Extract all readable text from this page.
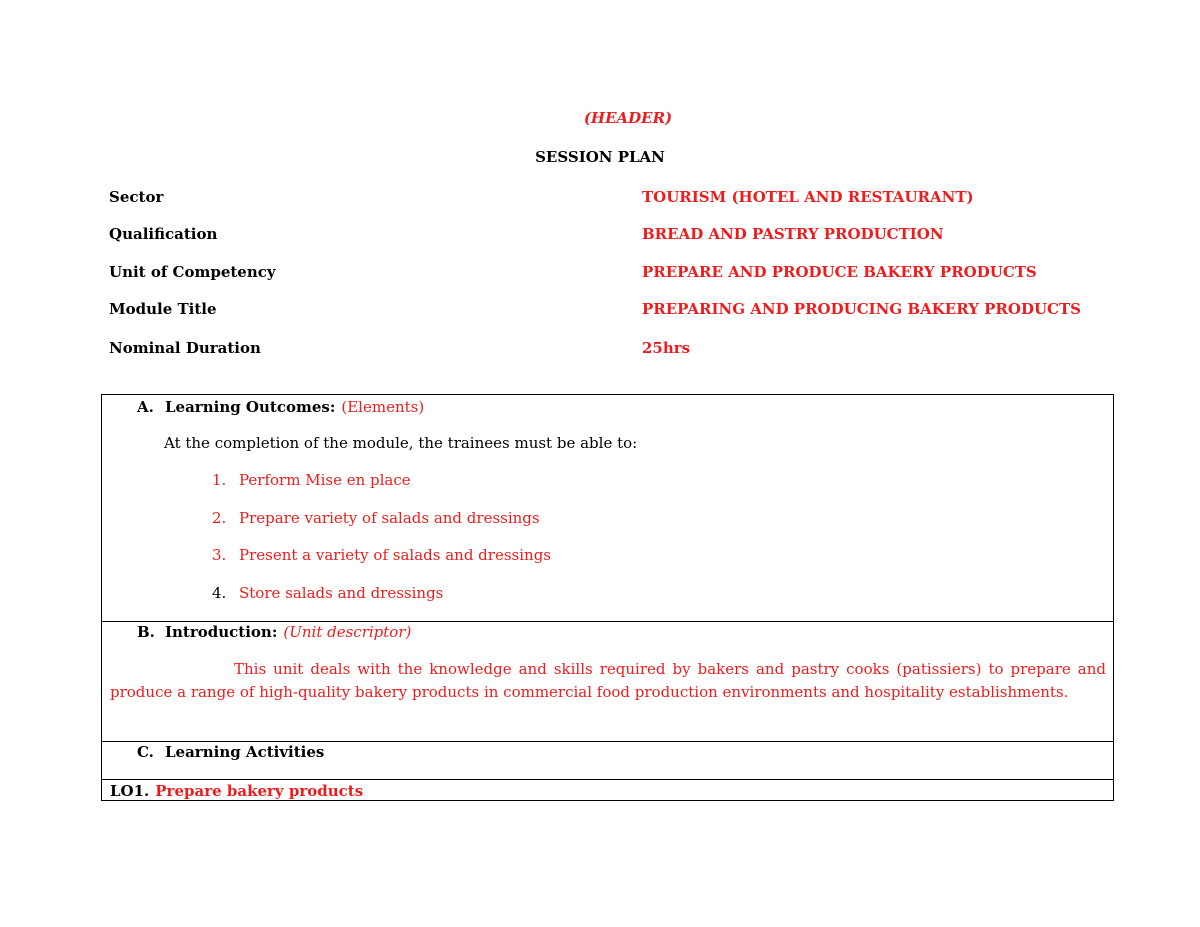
(HEADER)
SESSION PLAN
Sector	TOURISM (HOTEL AND RESTAURANT)
Qualification	BREAD AND PASTRY PRODUCTION
Unit of Competency	PREPARE AND PRODUCE BAKERY PRODUCTS
Module Title	PREPARING AND PRODUCING BAKERY PRODUCTS
Nominal Duration	25hrs
A. Learning Outcomes: (Elements)
At the completion of the module, the trainees must be able to:
1. Perform Mise en place
2. Prepare variety of salads and dressings
3. Present a variety of salads and dressings
4. Store salads and dressings
B. Introduction: (Unit descriptor)
This unit deals with the knowledge and skills required by bakers and pastry cooks (patissiers) to prepare and produce a range of high-quality bakery products in commercial food production environments and hospitality establishments.
C. Learning Activities
LO1. Prepare bakery products
